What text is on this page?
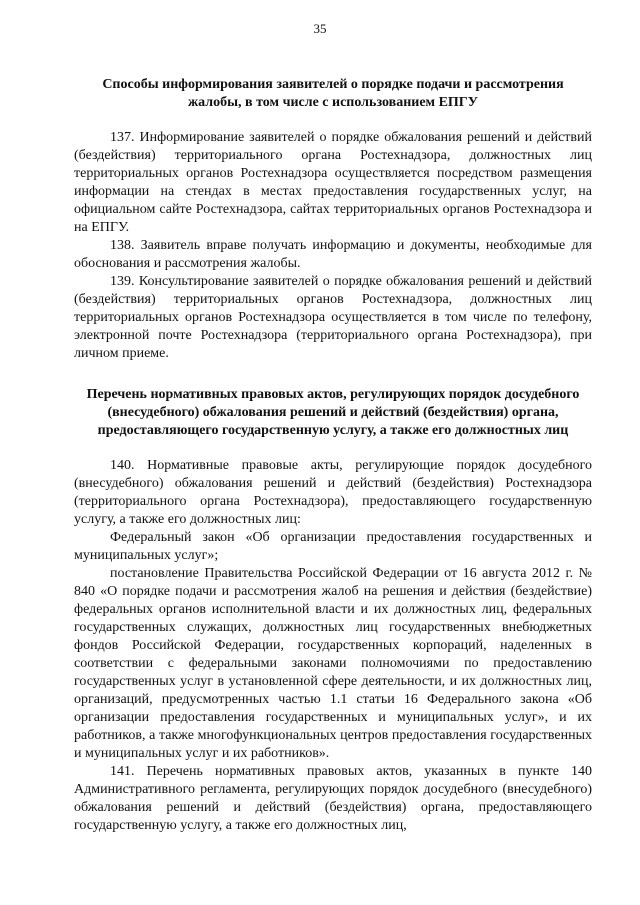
35

Способы информирования заявителей о порядке подачи и рассмотрения жалобы, в том числе с использованием ЕПГУ

137. Информирование заявителей о порядке обжалования решений и действий (бездействия) территориального органа Ростехнадзора, должностных лиц территориальных органов Ростехнадзора осуществляется посредством размещения информации на стендах в местах предоставления государственных услуг, на официальном сайте Ростехнадзора, сайтах территориальных органов Ростехнадзора и на ЕПГУ.

138. Заявитель вправе получать информацию и документы, необходимые для обоснования и рассмотрения жалобы.

139. Консультирование заявителей о порядке обжалования решений и действий (бездействия) территориальных органов Ростехнадзора, должностных лиц территориальных органов Ростехнадзора осуществляется в том числе по телефону, электронной почте Ростехнадзора (территориального органа Ростехнадзора), при личном приеме.

Перечень нормативных правовых актов, регулирующих порядок досудебного (внесудебного) обжалования решений и действий (бездействия) органа, предоставляющего государственную услугу, а также его должностных лиц

140. Нормативные правовые акты, регулирующие порядок досудебного (внесудебного) обжалования решений и действий (бездействия) Ростехнадзора (территориального органа Ростехнадзора), предоставляющего государственную услугу, а также его должностных лиц:

Федеральный закон «Об организации предоставления государственных и муниципальных услуг»;

постановление Правительства Российской Федерации от 16 августа 2012 г. № 840 «О порядке подачи и рассмотрения жалоб на решения и действия (бездействие) федеральных органов исполнительной власти и их должностных лиц, федеральных государственных служащих, должностных лиц государственных внебюджетных фондов Российской Федерации, государственных корпораций, наделенных в соответствии с федеральными законами полномочиями по предоставлению государственных услуг в установленной сфере деятельности, и их должностных лиц, организаций, предусмотренных частью 1.1 статьи 16 Федерального закона «Об организации предоставления государственных и муниципальных услуг», и их работников, а также многофункциональных центров предоставления государственных и муниципальных услуг и их работников».

141. Перечень нормативных правовых актов, указанных в пункте 140 Административного регламента, регулирующих порядок досудебного (внесудебного) обжалования решений и действий (бездействия) органа, предоставляющего государственную услугу, а также его должностных лиц,
